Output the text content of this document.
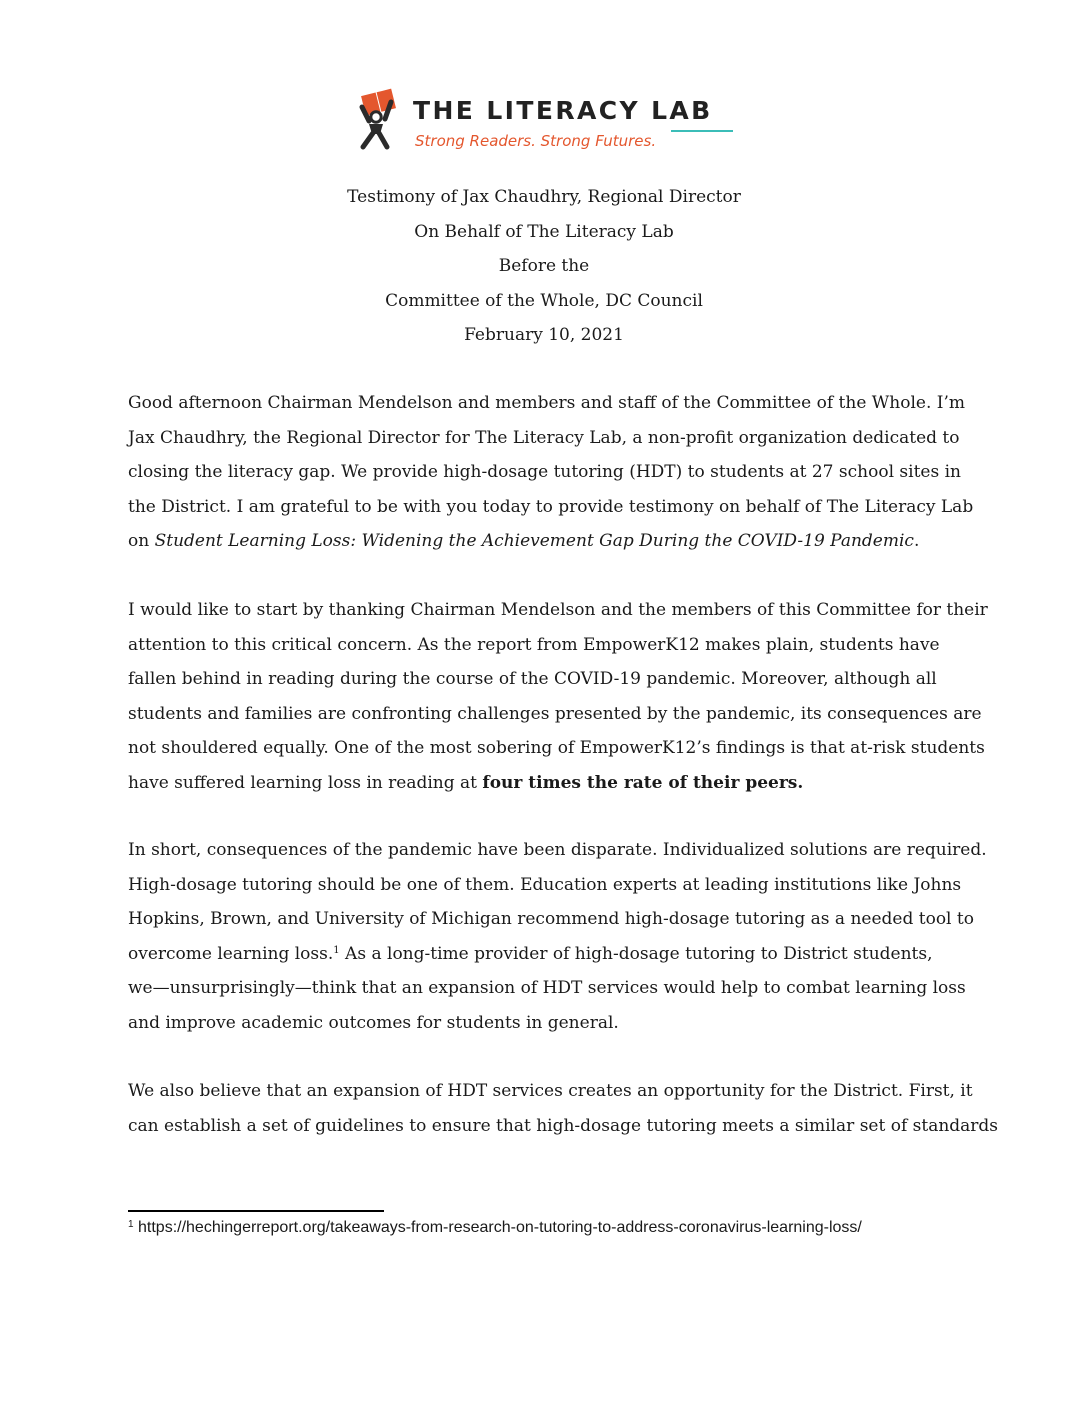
THE LITERACY LAB
Strong Readers. Strong Futures.
Testimony of Jax Chaudhry, Regional Director
On Behalf of The Literacy Lab
Before the
Committee of the Whole, DC Council
February 10, 2021
Good afternoon Chairman Mendelson and members and staff of the Committee of the Whole. I’m
Jax Chaudhry, the Regional Director for The Literacy Lab, a non-profit organization dedicated to
closing the literacy gap. We provide high-dosage tutoring (HDT) to students at 27 school sites in
the District. I am grateful to be with you today to provide testimony on behalf of The Literacy Lab
on Student Learning Loss: Widening the Achievement Gap During the COVID-19 Pandemic.
I would like to start by thanking Chairman Mendelson and the members of this Committee for their
attention to this critical concern. As the report from EmpowerK12 makes plain, students have
fallen behind in reading during the course of the COVID-19 pandemic. Moreover, although all
students and families are confronting challenges presented by the pandemic, its consequences are
not shouldered equally. One of the most sobering of EmpowerK12’s findings is that at-risk students
have suffered learning loss in reading at four times the rate of their peers.
In short, consequences of the pandemic have been disparate. Individualized solutions are required.
High-dosage tutoring should be one of them. Education experts at leading institutions like Johns
Hopkins, Brown, and University of Michigan recommend high-dosage tutoring as a needed tool to
overcome learning loss.$^1$ As a long-time provider of high-dosage tutoring to District students,
we—unsurprisingly—think that an expansion of HDT services would help to combat learning loss
and improve academic outcomes for students in general.
We also believe that an expansion of HDT services creates an opportunity for the District. First, it
can establish a set of guidelines to ensure that high-dosage tutoring meets a similar set of standards
$^1$ https://hechingerreport.org/takeaways-from-research-on-tutoring-to-address-coronavirus-learning-loss/
